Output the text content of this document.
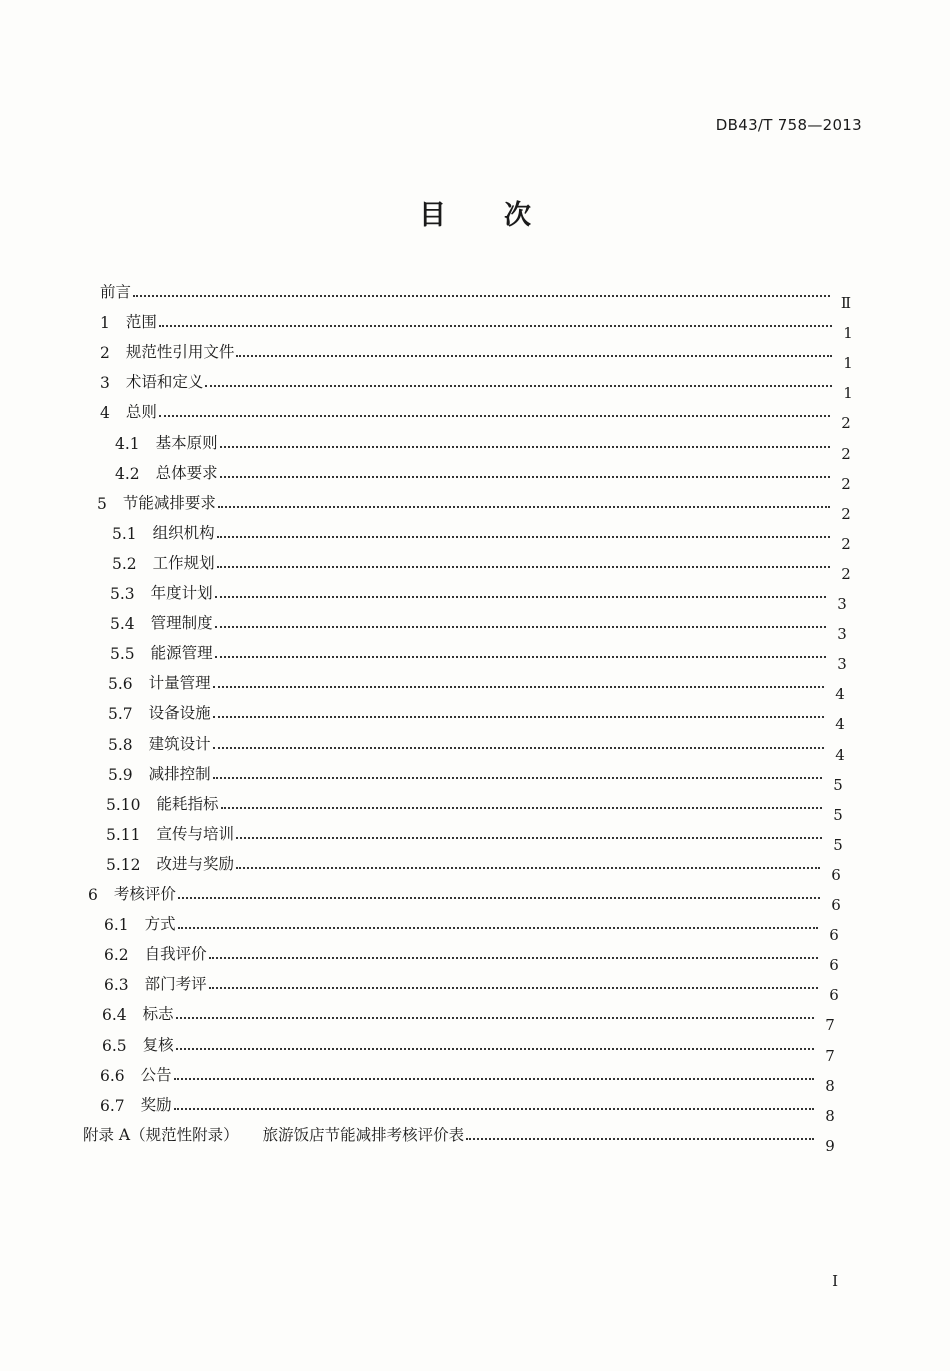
DB43/T 758—2013
目次
前言
Ⅱ
1 范围
1
2 规范性引用文件
1
3 术语和定义
1
4 总则
2
4.1 基本原则
2
4.2 总体要求
2
5 节能减排要求
2
5.1 组织机构
2
5.2 工作规划
2
5.3 年度计划
3
5.4 管理制度
3
5.5 能源管理
3
5.6 计量管理
4
5.7 设备设施
4
5.8 建筑设计
4
5.9 减排控制
5
5.10 能耗指标
5
5.11 宣传与培训
5
5.12 改进与奖励
6
6 考核评价
6
6.1 方式
6
6.2 自我评价
6
6.3 部门考评
6
6.4 标志
7
6.5 复核
7
6.6 公告
8
6.7 奖励
8
附录 A（规范性附录） 旅游饭店节能减排考核评价表
9
I
